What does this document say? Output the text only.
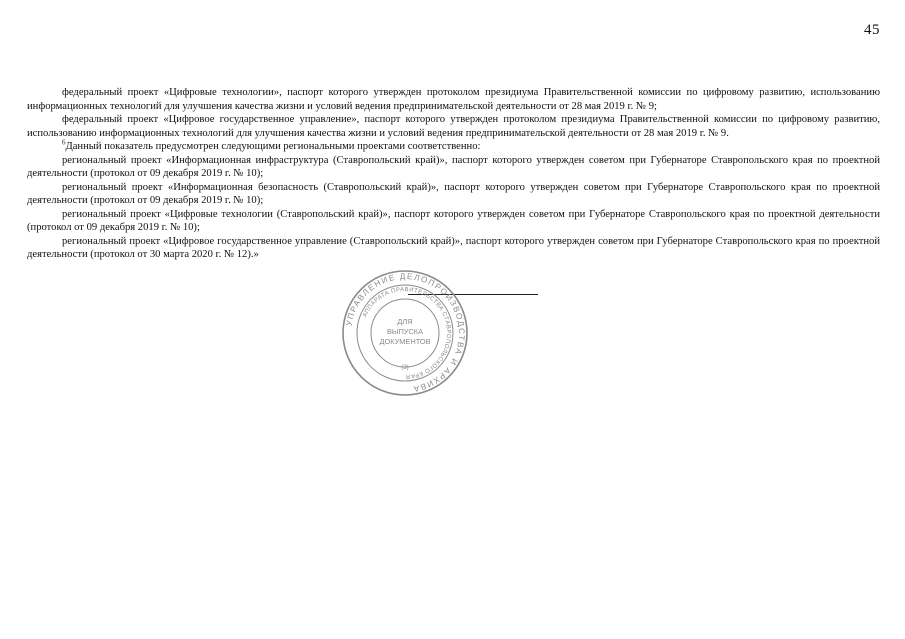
45

федеральный проект «Цифровые технологии», паспорт которого утвержден протоколом президиума Правительственной комиссии по цифровому развитию, использованию информационных технологий для улучшения качества жизни и условий ведения предпринимательской деятельности от 28 мая 2019 г. № 9;

федеральный проект «Цифровое государственное управление», паспорт которого утвержден протоколом президиума Правительственной комиссии по цифровому развитию, использованию информационных технологий для улучшения качества жизни и условий ведения предпринимательской деятельности от 28 мая 2019 г. № 9.

$^6$Данный показатель предусмотрен следующими региональными проектами соответственно:

региональный проект «Информационная инфраструктура (Ставропольский край)», паспорт которого утвержден советом при Губернаторе Ставропольского края по проектной деятельности (протокол от 09 декабря 2019 г. № 10);

региональный проект «Информационная безопасность (Ставропольский край)», паспорт которого утвержден советом при Губернаторе Ставропольского края по проектной деятельности (протокол от 09 декабря 2019 г. № 10);

региональный проект «Цифровые технологии (Ставропольский край)», паспорт которого утвержден советом при Губернаторе Ставропольского края по проектной деятельности (протокол от 09 декабря 2019 г. № 10);

региональный проект «Цифровое государственное управление (Ставропольский край)», паспорт которого утвержден советом при Губернаторе Ставропольского края по проектной деятельности (протокол от 30 марта 2020 г. № 12).»

УПРАВЛЕНИЕ ДЕЛОПРОИЗВОДСТВА И АРХИВА
АППАРАТА ПРАВИТЕЛЬСТВА СТАВРОПОЛЬСКОГО КРАЯ
ДЛЯ
ВЫПУСКА
ДОКУМЕНТОВ
(3)
